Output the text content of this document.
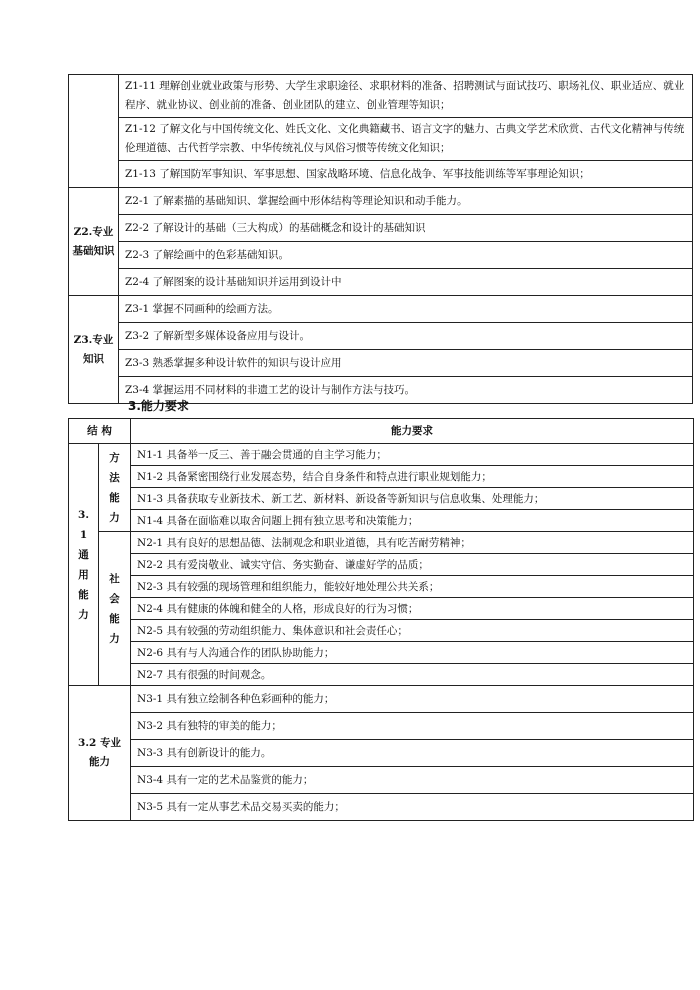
	Z1-11 理解创业就业政策与形势、大学生求职途径、求职材料的准备、招聘测试与面试技巧、职场礼仪、职业适应、就业程序、就业协议、创业前的准备、创业团队的建立、创业管理等知识；
	Z1-12 了解文化与中国传统文化、姓氏文化、文化典籍藏书、语言文字的魅力、古典文学艺术欣赏、古代文化精神与传统伦理道德、古代哲学宗教、中华传统礼仪与风俗习惯等传统文化知识；
	Z1-13 了解国防军事知识、军事思想、国家战略环境、信息化战争、军事技能训练等军事理论知识；
Z2.专业基础知识	Z2-1 了解素描的基础知识、掌握绘画中形体结构等理论知识和动手能力。
	Z2-2 了解设计的基础（三大构成）的基础概念和设计的基础知识
	Z2-3 了解绘画中的色彩基础知识。
	Z2-4 了解图案的设计基础知识并运用到设计中
Z3.专业知识	Z3-1 掌握不同画种的绘画方法。
	Z3-2 了解新型多媒体设备应用与设计。
	Z3-3 熟悉掌握多种设计软件的知识与设计应用
	Z3-4 掌握运用不同材料的非遗工艺的设计与制作方法与技巧。
3.能力要求
结 构		能力要求

3.1通用能力	方法能力	N1-1 具备举一反三、善于融会贯通的自主学习能力；
		N1-2 具备紧密围绕行业发展态势，结合自身条件和特点进行职业规划能力；
		N1-3 具备获取专业新技术、新工艺、新材料、新设备等新知识与信息收集、处理能力；
		N1-4 具备在面临难以取舍问题上拥有独立思考和决策能力；

	社会能力	N2-1 具有良好的思想品德、法制观念和职业道德，具有吃苦耐劳精神；
		N2-2 具有爱岗敬业、诚实守信、务实勤奋、谦虚好学的品质；
		N2-3 具有较强的现场管理和组织能力，能较好地处理公共关系；
		N2-4 具有健康的体魄和健全的人格，形成良好的行为习惯；
		N2-5 具有较强的劳动组织能力、集体意识和社会责任心；
		N2-6 具有与人沟通合作的团队协助能力；
		N2-7 具有很强的时间观念。

3.2 专业能力		N3-1 具有独立绘制各种色彩画种的能力；
		N3-2 具有独特的审美的能力；
		N3-3 具有创新设计的能力。
		N3-4 具有一定的艺术品鉴赏的能力；
		N3-5 具有一定从事艺术品交易买卖的能力；
